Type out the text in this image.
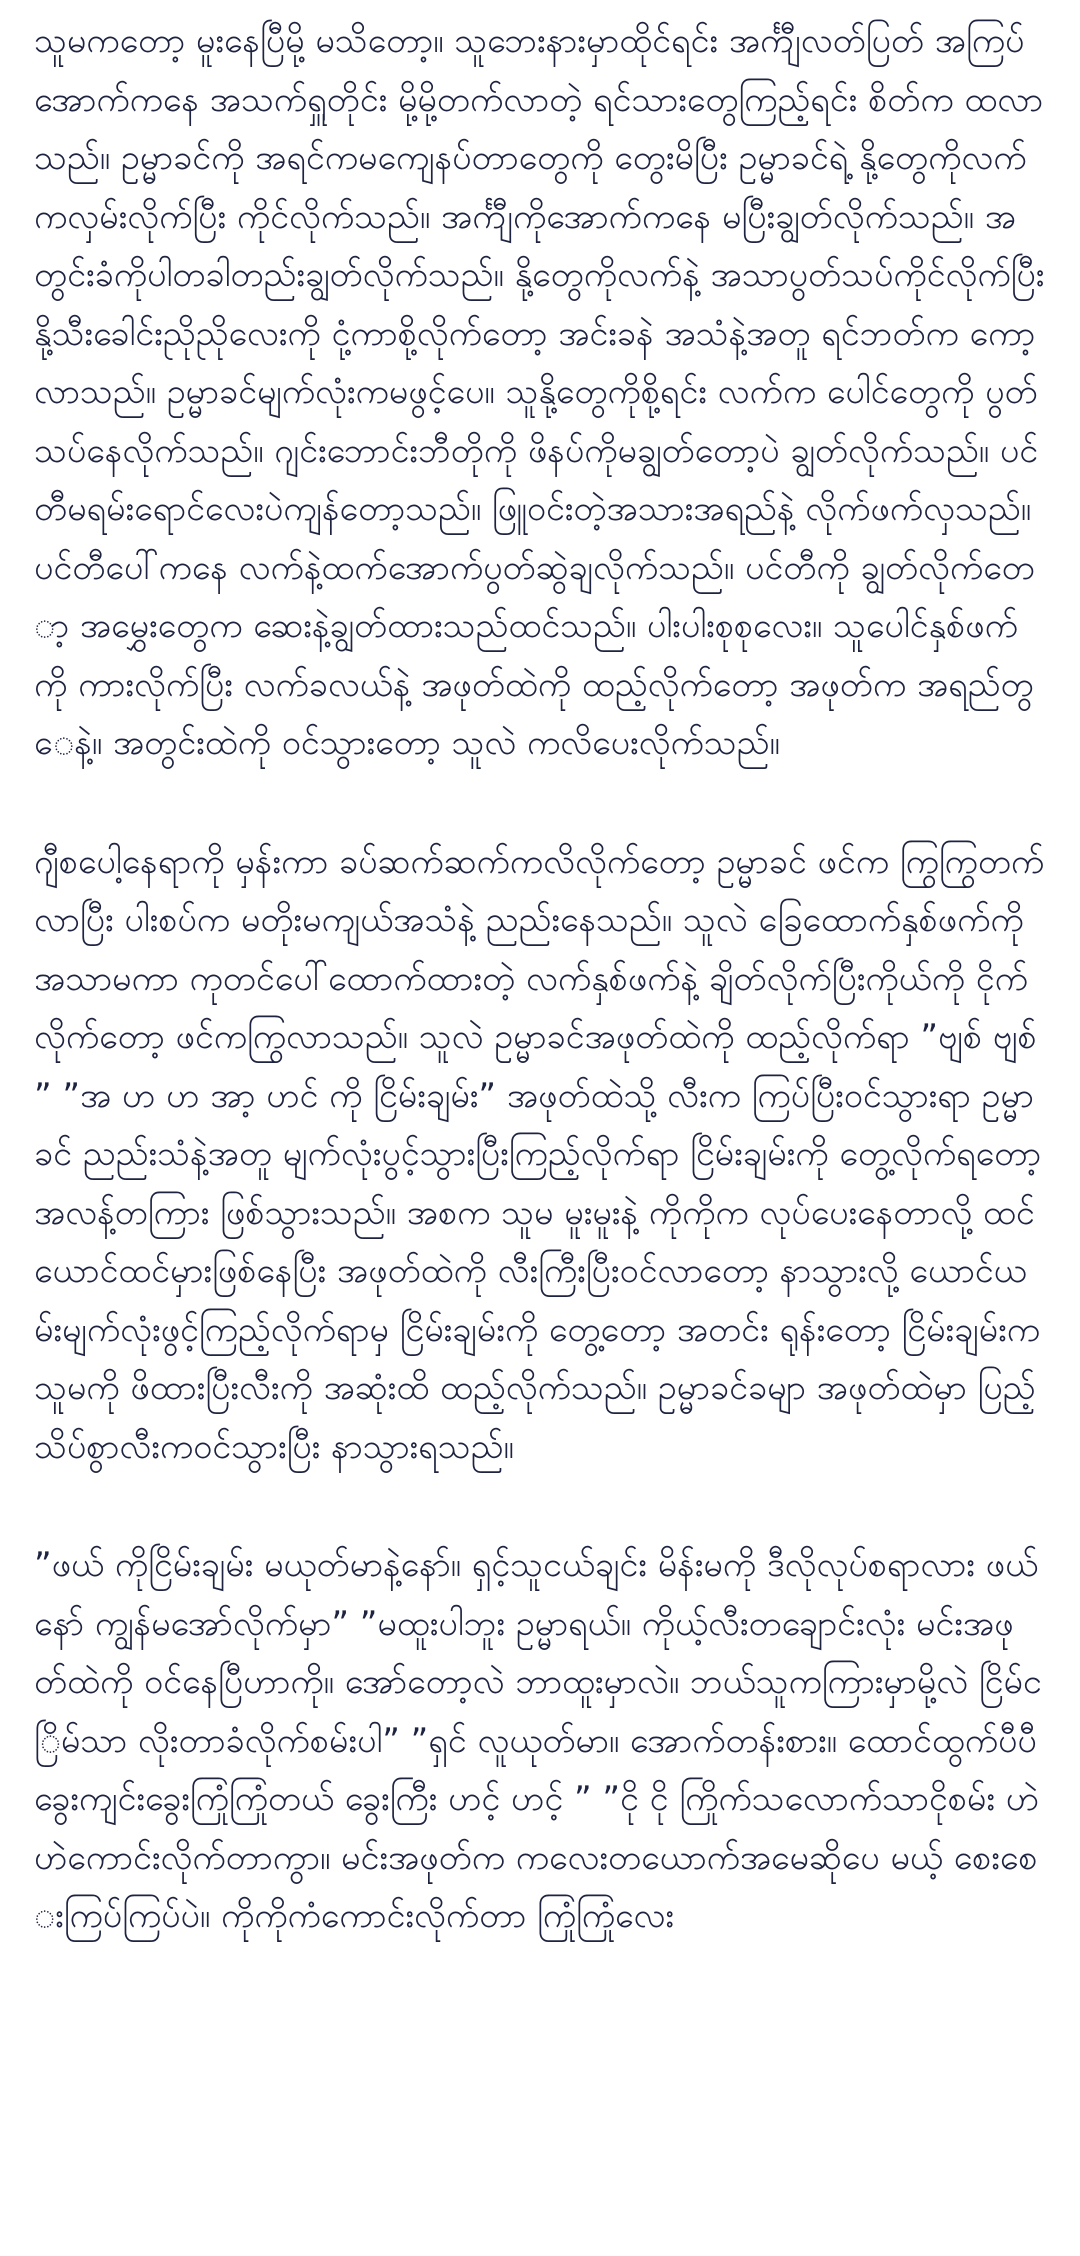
သူမကတော့ မူးနေပြီမို့ မသိတော့။ သူဘေးနားမှာထိုင်ရင်း အင်္ကျီလတ်ပြတ် အကြပ်အောက်ကနေ အသက်ရှူတိုင်း မို့မို့တက်လာတဲ့ ရင်သားတွေကြည့်ရင်း စိတ်က ထလာသည်။ ဥမ္မာခင်ကို အရင်ကမကျေနပ်တာတွေကို တွေးမိပြီး ဥမ္မာခင်ရဲ့ နို့တွေကိုလက်ကလှမ်းလိုက်ပြီး ကိုင်လိုက်သည်။ အင်္ကျီကိုအောက်ကနေ မပြီးချွတ်လိုက်သည်။ အတွင်းခံကိုပါတခါတည်းချွတ်လိုက်သည်။ နို့တွေကိုလက်နဲ့ အသာပွတ်သပ်ကိုင်လိုက်ပြီး နို့သီးခေါင်းညိုညိုလေးကို ငုံ့ကာစို့လိုက်တော့ အင်းခနဲ အသံနဲ့အတူ ရင်ဘတ်က ကော့လာသည်။ ဥမ္မာခင်မျက်လုံးကမဖွင့်ပေ။ သူနို့တွေကိုစို့ရင်း လက်က ပေါင်တွေကို ပွတ်သပ်နေလိုက်သည်။ ဂျင်းဘောင်းဘီတိုကို ဖိနပ်ကိုမချွတ်တော့ပဲ ချွတ်လိုက်သည်။ ပင်တီမရမ်းရောင်လေးပဲကျန်တော့သည်။ ဖြူဝင်းတဲ့အသားအရည်နဲ့ လိုက်ဖက်လှသည်။ ပင်တီပေါ်ကနေ လက်နဲ့ထက်အောက်ပွတ်ဆွဲချလိုက်သည်။ ပင်တီကို ချွတ်လိုက်တော့ အမွှေးတွေက ဆေးနဲ့ချွတ်ထားသည်ထင်သည်။ ပါးပါးစုစုလေး။ သူပေါင်နှစ်ဖက်ကို ကားလိုက်ပြီး လက်ခလယ်နဲ့ အဖုတ်ထဲကို ထည့်လိုက်တော့ အဖုတ်က အရည်တွေနဲ့။ အတွင်းထဲကို ဝင်သွားတော့ သူလဲ ကလိပေးလိုက်သည်။

ဂျီစပေါ့နေရာကို မှန်းကာ ခပ်ဆက်ဆက်ကလိလိုက်တော့ ဥမ္မာခင် ဖင်က ကြွကြွတက်လာပြီး ပါးစပ်က မတိုးမကျယ်အသံနဲ့ ညည်းနေသည်။ သူလဲ ခြေထောက်နှစ်ဖက်ကို အသာမကာ ကုတင်ပေါ်ထောက်ထားတဲ့ လက်နှစ်ဖက်နဲ့ ချိတ်လိုက်ပြီးကိုယ်ကို ငိုက်လိုက်တော့ ဖင်ကကြွလာသည်။ သူလဲ ဥမ္မာခင်အဖုတ်ထဲကို ထည့်လိုက်ရာ ”ဗျစ် ဗျစ် ” ”အ ဟ ဟ အာ့ ဟင် ကို ငြိမ်းချမ်း” အဖုတ်ထဲသို့ လီးက ကြပ်ပြီးဝင်သွားရာ ဥမ္မာခင် ညည်းသံနဲ့အတူ မျက်လုံးပွင့်သွားပြီးကြည့်လိုက်ရာ ငြိမ်းချမ်းကို တွေ့လိုက်ရတော့ အလန့်တကြား ဖြစ်သွားသည်။ အစက သူမ မူးမူးနဲ့ ကိုကိုက လုပ်ပေးနေတာလို့ ထင်ယောင်ထင်မှားဖြစ်နေပြီး အဖုတ်ထဲကို လီးကြီးပြီးဝင်လာတော့ နာသွားလို့ ယောင်ယမ်းမျက်လုံးဖွင့်ကြည့်လိုက်ရာမှ ငြိမ်းချမ်းကို တွေ့တော့ အတင်း ရုန်းတော့ ငြိမ်းချမ်းက သူမကို ဖိထားပြီးလီးကို အဆုံးထိ ထည့်လိုက်သည်။ ဥမ္မာခင်ခမျာ အဖုတ်ထဲမှာ ပြည့်သိပ်စွာလီးကဝင်သွားပြီး နာသွားရသည်။

”ဖယ် ကိုငြိမ်းချမ်း မယုတ်မာနဲ့နော်။ ရှင့်သူငယ်ချင်း မိန်းမကို ဒီလိုလုပ်စရာလား ဖယ်နော် ကျွန်မအော်လိုက်မှာ” ”မထူးပါဘူး ဥမ္မာရယ်။ ကိုယ့်လီးတချောင်းလုံး မင်းအဖုတ်ထဲကို ဝင်နေပြီဟာကို။ အော်တော့လဲ ဘာထူးမှာလဲ။ ဘယ်သူကကြားမှာမို့လဲ ငြိမ်ငြိမ်သာ လိုးတာခံလိုက်စမ်းပါ” ”ရှင် လူယုတ်မာ။ အောက်တန်းစား။ ထောင်ထွက်ပီပီ ခွေးကျင်းခွေးကြုံကြုံတယ် ခွေးကြီး ဟင့် ဟင့် ” ”ငို ငို ကြိုက်သလောက်သာငိုစမ်း ဟဲဟဲကောင်းလိုက်တာကွာ။ မင်းအဖုတ်က ကလေးတယောက်အမေဆိုပေ မယ့် စေးစေးကြပ်ကြပ်ပဲ။ ကိုကိုကံကောင်းလိုက်တာ ကြုံကြုံလေး
